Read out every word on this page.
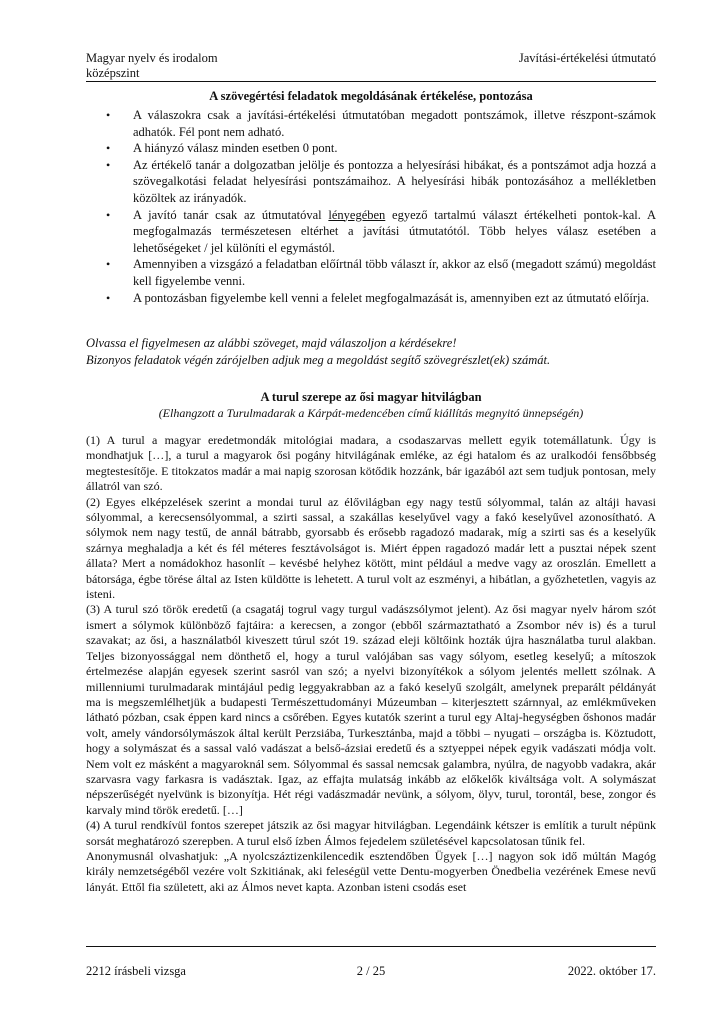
Magyar nyelv és irodalom
középszint
Javítási-értékelési útmutató
A szövegértési feladatok megoldásának értékelése, pontozása
• A válaszokra csak a javítási-értékelési útmutatóban megadott pontszámok, illetve részpont-számok adhatók. Fél pont nem adható.
• A hiányzó válasz minden esetben 0 pont.
• Az értékelő tanár a dolgozatban jelölje és pontozza a helyesírási hibákat, és a pontszámot adja hozzá a szövegalkotási feladat helyesírási pontszámaihoz. A helyesírási hibák pontozásához a mellékletben közöltek az irányadók.
• A javító tanár csak az útmutatóval lényegében egyező tartalmú választ értékelheti pontok-kal. A megfogalmazás természetesen eltérhet a javítási útmutatótól. Több helyes válasz esetében a lehetőségeket / jel különíti el egymástól.
• Amennyiben a vizsgázó a feladatban előírtnál több választ ír, akkor az első (megadott számú) megoldást kell figyelembe venni.
• A pontozásban figyelembe kell venni a felelet megfogalmazását is, amennyiben ezt az útmutató előírja.
Olvassa el figyelmesen az alábbi szöveget, majd válaszoljon a kérdésekre!
Bizonyos feladatok végén zárójelben adjuk meg a megoldást segítő szövegrészlet(ek) számát.
A turul szerepe az ősi magyar hitvilágban
(Elhangzott a Turulmadarak a Kárpát-medencében című kiállítás megnyitó ünnepségén)

(1) A turul a magyar eredetmondák mitológiai madara, a csodaszarvas mellett egyik totemállatunk. Úgy is mondhatjuk […], a turul a magyarok ősi pogány hitvilágának emléke, az égi hatalom és az uralkodói fensőbbség megtestesítője. E titokzatos madár a mai napig szorosan kötődik hozzánk, bár igazából azt sem tudjuk pontosan, mely állatról van szó.

(2) Egyes elképzelések szerint a mondai turul az élővilágban egy nagy testű sólyommal, talán az altáji havasi sólyommal, a kerecsensólyommal, a szirti sassal, a szakállas keselyűvel vagy a fakó keselyűvel azonosítható. A sólymok nem nagy testű, de annál bátrabb, gyorsabb és erősebb ragadozó madarak, míg a szirti sas és a keselyűk szárnya meghaladja a két és fél méteres fesztávolságot is. Miért éppen ragadozó madár lett a pusztai népek szent állata? Mert a nomádokhoz hasonlít – kevésbé helyhez kötött, mint például a medve vagy az oroszlán. Emellett a bátorsága, égbe törése által az Isten küldötte is lehetett. A turul volt az eszményi, a hibátlan, a győzhetetlen, vagyis az isteni.

(3) A turul szó török eredetű (a csagatáj togrul vagy turgul vadászsólymot jelent). Az ősi magyar nyelv három szót ismert a sólymok különböző fajtáira: a kerecsen, a zongor (ebből származtatható a Zsombor név is) és a turul szavakat; az ősi, a használatból kiveszett túrul szót 19. század eleji költőink hozták újra használatba turul alakban. Teljes bizonyossággal nem dönthető el, hogy a turul valójában sas vagy sólyom, esetleg keselyű; a mítoszok értelmezése alapján egyesek szerint sasról van szó; a nyelvi bizonyítékok a sólyom jelentés mellett szólnak. A millenniumi turulmadarak mintájául pedig leggyakrabban az a fakó keselyű szolgált, amelynek preparált példányát ma is megszemlélhetjük a budapesti Természettudományi Múzeumban – kiterjesztett szárnnyal, az emlékműveken látható pózban, csak éppen kard nincs a csőrében. Egyes kutatók szerint a turul egy Altaj-hegységben őshonos madár volt, amely vándorsólymászok által került Perzsiába, Turkesztánba, majd a többi – nyugati – országba is. Köztudott, hogy a solymászat és a sassal való vadászat a belső-ázsiai eredetű és a sztyeppei népek egyik vadászati módja volt. Nem volt ez másként a magyaroknál sem. Sólyommal és sassal nemcsak galambra, nyúlra, de nagyobb vadakra, akár szarvasra vagy farkasra is vadásztak. Igaz, az effajta mulatság inkább az előkelők kiváltsága volt. A solymászat népszerűségét nyelvünk is bizonyítja. Hét régi vadászmadár nevünk, a sólyom, ölyv, turul, torontál, bese, zongor és karvaly mind török eredetű. […]

(4) A turul rendkívül fontos szerepet játszik az ősi magyar hitvilágban. Legendáink kétszer is említik a turult népünk sorsát meghatározó szerepben. A turul első ízben Álmos fejedelem születésével kapcsolatosan tűnik fel.

Anonymusnál olvashatjuk: „A nyolcszáztizenkilencedik esztendőben Ügyek […] nagyon sok idő múltán Magóg király nemzetségéből vezére volt Szkitiának, aki feleségül vette Dentu-mogyerben Önedbelia vezérének Emese nevű lányát. Ettől fia született, aki az Álmos nevet kapta. Azonban isteni csodás eset

2212 írásbeli vizsga	2 / 25	2022. október 17.
